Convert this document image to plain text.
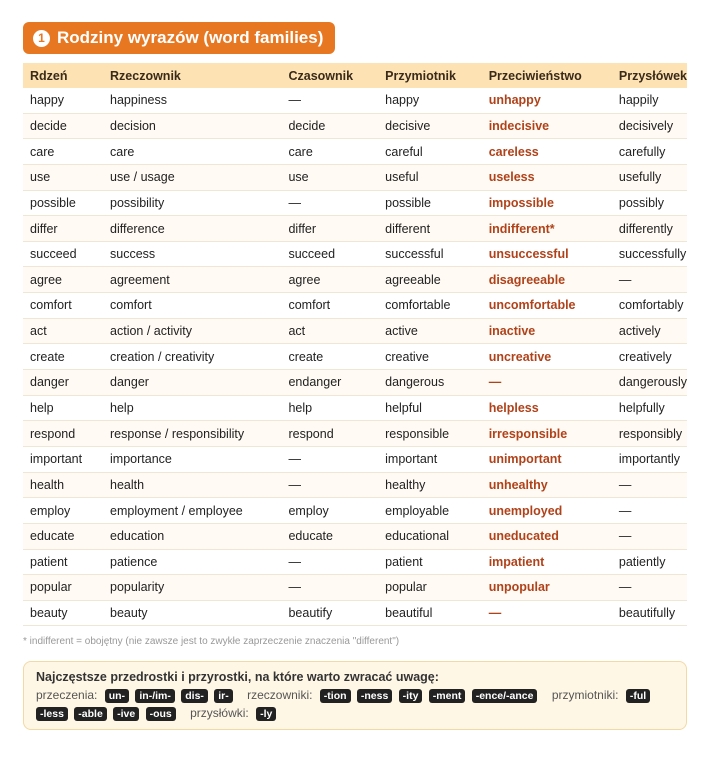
1 Rodziny wyrazów (word families)
Rdzeń	Rzeczownik	Czasownik	Przymiotnik	Przeciwieństwo	Przysłówek
happy	happiness	—	happy	unhappy	happily
decide	decision	decide	decisive	indecisive	decisively
care	care	care	careful	careless	carefully
use	use / usage	use	useful	useless	usefully
possible	possibility	—	possible	impossible	possibly
differ	difference	differ	different	indifferent*	differently
succeed	success	succeed	successful	unsuccessful	successfully
agree	agreement	agree	agreeable	disagreeable	—
comfort	comfort	comfort	comfortable	uncomfortable	comfortably
act	action / activity	act	active	inactive	actively
create	creation / creativity	create	creative	uncreative	creatively
danger	danger	endanger	dangerous	—	dangerously
help	help	help	helpful	helpless	helpfully
respond	response / responsibility	respond	responsible	irresponsible	responsibly
important	importance	—	important	unimportant	importantly
health	health	—	healthy	unhealthy	—
employ	employment / employee	employ	employable	unemployed	—
educate	education	educate	educational	uneducated	—
patient	patience	—	patient	impatient	patiently
popular	popularity	—	popular	unpopular	—
beauty	beauty	beautify	beautiful	—	beautifully
* indifferent = obojętny (nie zawsze jest to zwykłe zaprzeczenie znaczenia "different")
Najczęstsze przedrostki i przyrostki, na które warto zwracać uwagę:
przeczenia: un- in-/im- dis- ir- rzeczowniki: -tion -ness -ity -ment -ence/-ance przymiotniki: -ful -less -able -ive -ous przysłówki: -ly
